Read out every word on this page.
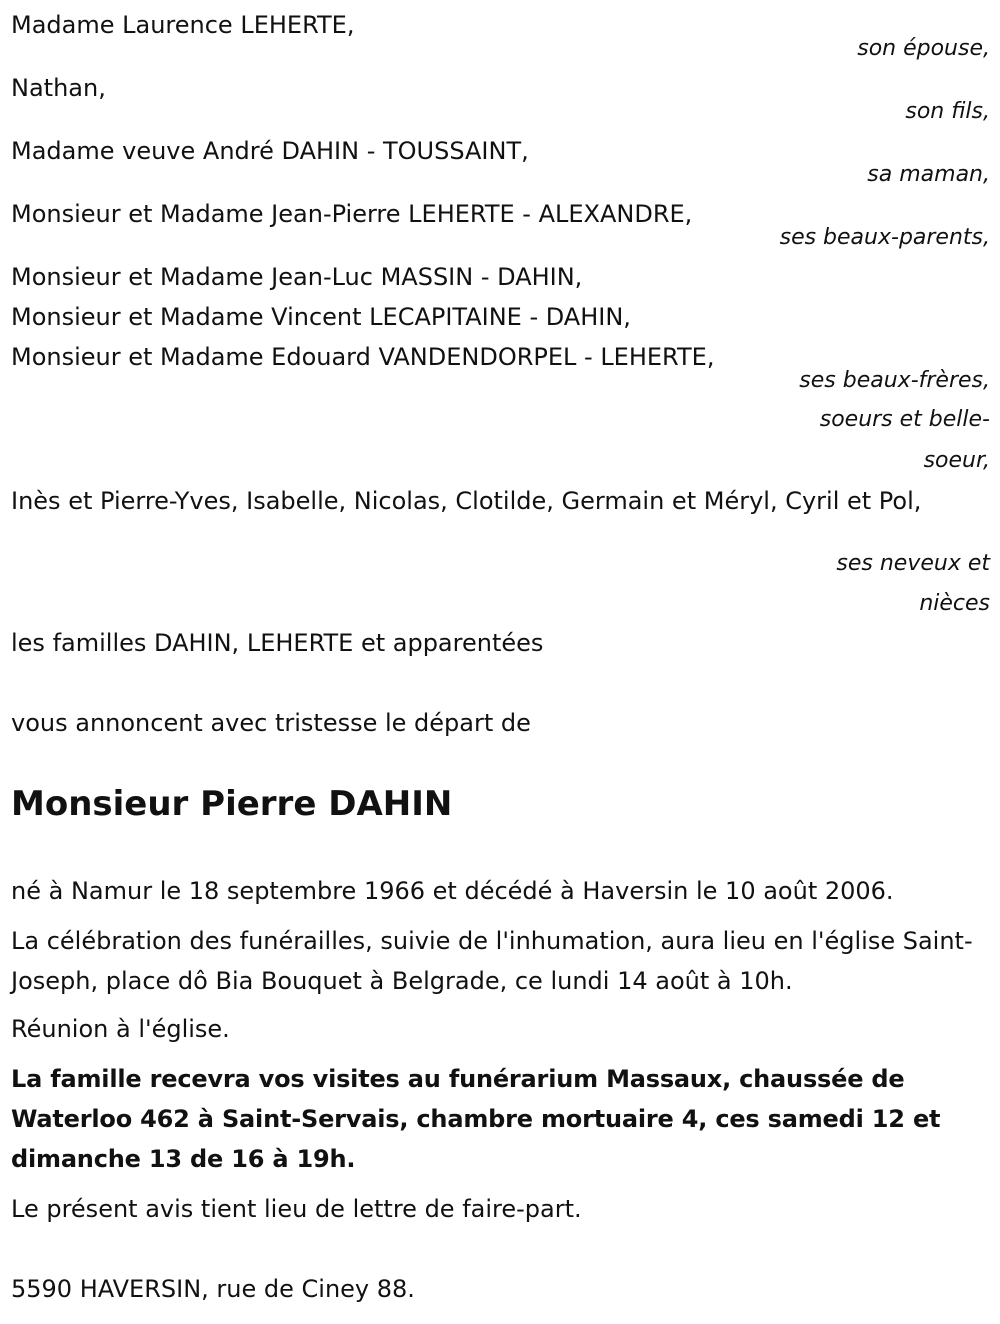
Madame Laurence LEHERTE,

son épouse,

Nathan,

son fils,

Madame veuve André DAHIN - TOUSSAINT,

sa maman,

Monsieur et Madame Jean-Pierre LEHERTE - ALEXANDRE,

ses beaux-parents,

Monsieur et Madame Jean-Luc MASSIN - DAHIN,

Monsieur et Madame Vincent LECAPITAINE - DAHIN,

Monsieur et Madame Edouard VANDENDORPEL - LEHERTE,

ses beaux-frères,

soeurs et belle-

soeur,

Inès et Pierre-Yves, Isabelle, Nicolas, Clotilde, Germain et Méryl, Cyril et Pol,

ses neveux et

nièces

les familles DAHIN, LEHERTE et apparentées

vous annoncent avec tristesse le départ de

Monsieur Pierre DAHIN

né à Namur le 18 septembre 1966 et décédé à Haversin le 10 août 2006.

La célébration des funérailles, suivie de l'inhumation, aura lieu en l'église Saint-Joseph, place dô Bia Bouquet à Belgrade, ce lundi 14 août à 10h.

Réunion à l'église.

La famille recevra vos visites au funérarium Massaux, chaussée de Waterloo 462 à Saint-Servais, chambre mortuaire 4, ces samedi 12 et dimanche 13 de 16 à 19h.

Le présent avis tient lieu de lettre de faire-part.

5590 HAVERSIN, rue de Ciney 88.
